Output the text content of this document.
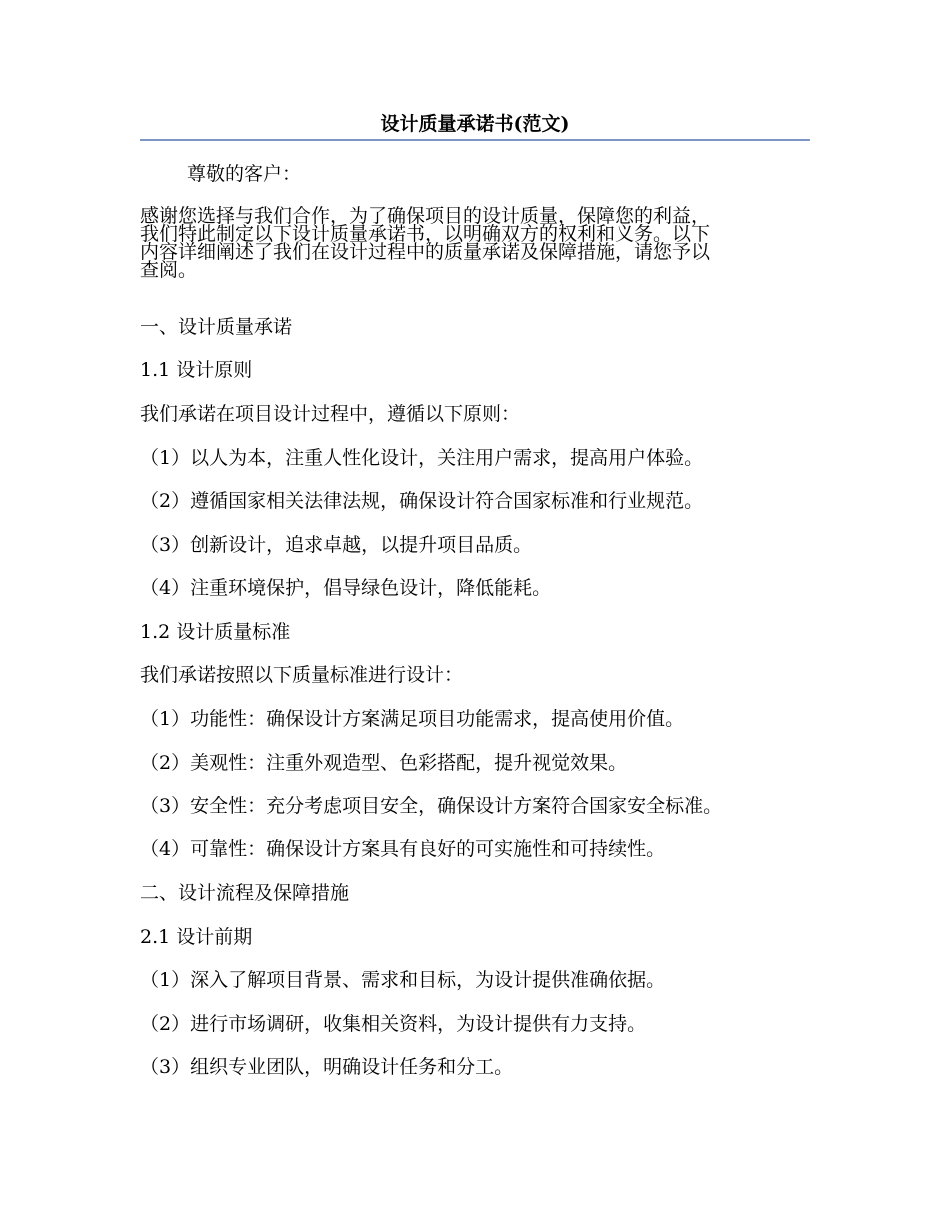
设计质量承诺书(范文)

尊敬的客户：

感谢您选择与我们合作，为了确保项目的设计质量，保障您的利益，
我们特此制定以下设计质量承诺书，以明确双方的权利和义务。以下
内容详细阐述了我们在设计过程中的质量承诺及保障措施，请您予以
查阅。

一、设计质量承诺

1.1 设计原则

我们承诺在项目设计过程中，遵循以下原则：

（1）以人为本，注重人性化设计，关注用户需求，提高用户体验。

（2）遵循国家相关法律法规，确保设计符合国家标准和行业规范。

（3）创新设计，追求卓越，以提升项目品质。

（4）注重环境保护，倡导绿色设计，降低能耗。

1.2 设计质量标准

我们承诺按照以下质量标准进行设计：

（1）功能性：确保设计方案满足项目功能需求，提高使用价值。

（2）美观性：注重外观造型、色彩搭配，提升视觉效果。

（3）安全性：充分考虑项目安全，确保设计方案符合国家安全标准。

（4）可靠性：确保设计方案具有良好的可实施性和可持续性。

二、设计流程及保障措施

2.1 设计前期

（1）深入了解项目背景、需求和目标，为设计提供准确依据。

（2）进行市场调研，收集相关资料，为设计提供有力支持。

（3）组织专业团队，明确设计任务和分工。
